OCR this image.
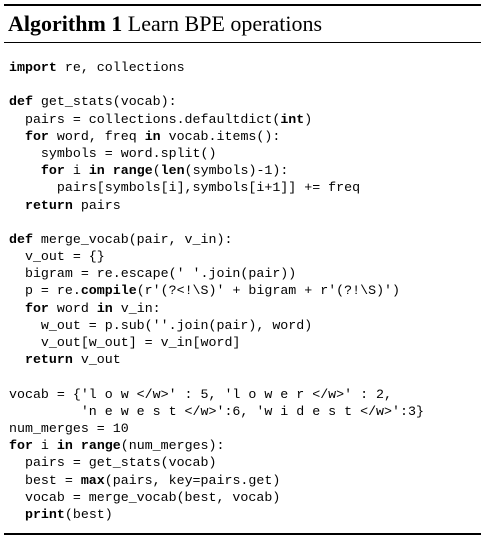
Algorithm 1 Learn BPE operations
import re, collections

def get_stats(vocab):
pairs = collections.defaultdict(int)
for word, freq in vocab.items():
symbols = word.split()
for i in range(len(symbols)-1):
pairs[symbols[i],symbols[i+1]] += freq
return pairs

def merge_vocab(pair, v_in):
v_out = {}
bigram = re.escape(' '.join(pair))
p = re.compile(r'(?<!\S)' + bigram + r'(?!\S)')
for word in v_in:
w_out = p.sub(''.join(pair), word)
v_out[w_out] = v_in[word]
return v_out

vocab = {'l o w </w>' : 5, 'l o w e r </w>' : 2,
'n e w e s t </w>':6, 'w i d e s t </w>':3}
num_merges = 10
for i in range(num_merges):
pairs = get_stats(vocab)
best = max(pairs, key=pairs.get)
vocab = merge_vocab(best, vocab)
print(best)
